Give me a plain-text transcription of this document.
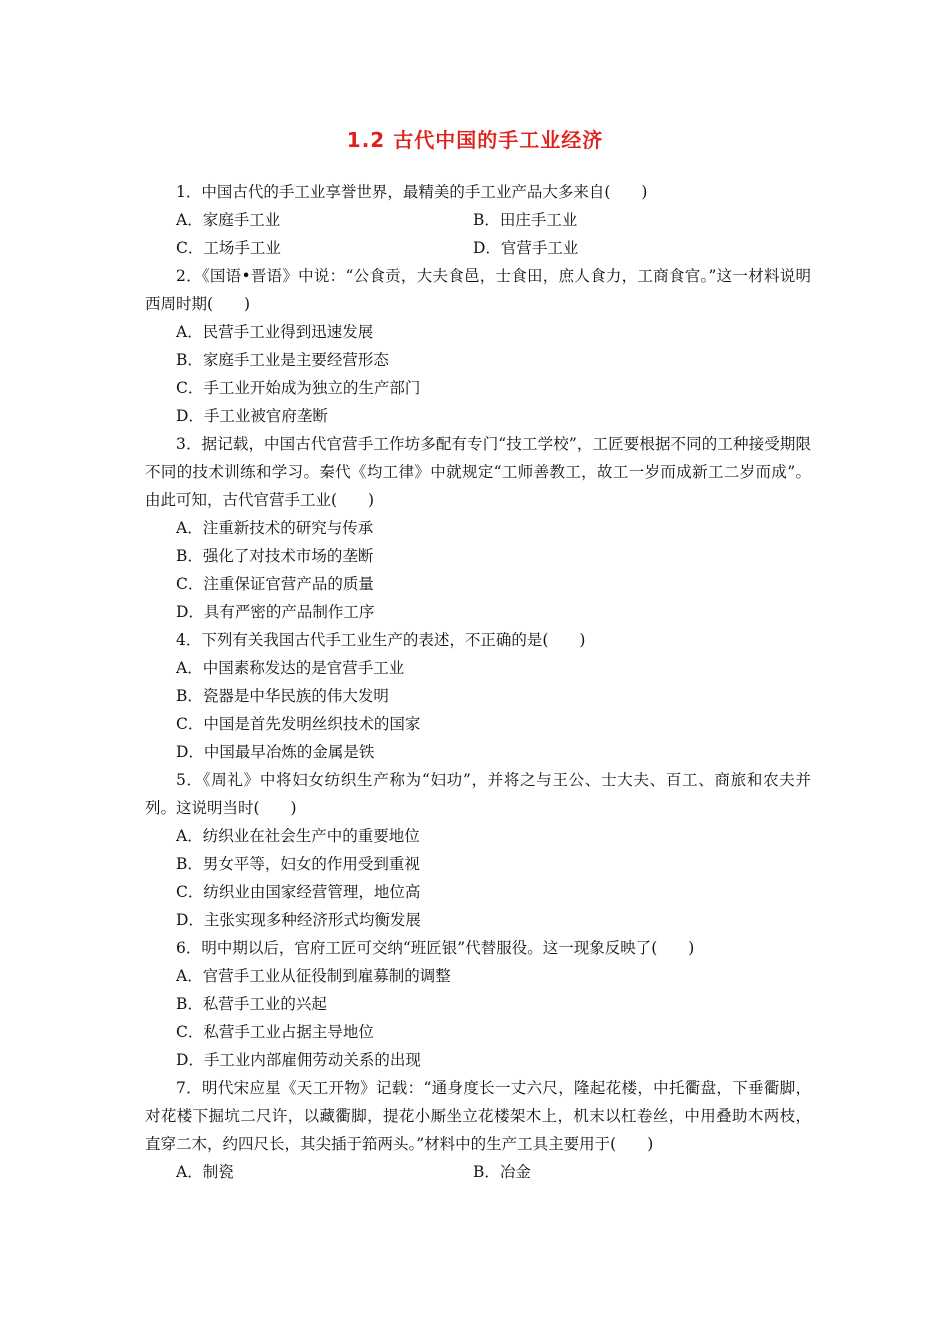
1.2 古代中国的手工业经济

1．中国古代的手工业享誉世界，最精美的手工业产品大多来自(　　)

A．家庭手工业	B．田庄手工业
C．工场手工业	D．官营手工业

2．《国语•晋语》中说：“公食贡，大夫食邑，士食田，庶人食力，工商食官。”这一材料说明西周时期(　　)

A．民营手工业得到迅速发展

B．家庭手工业是主要经营形态

C．手工业开始成为独立的生产部门

D．手工业被官府垄断

3．据记载，中国古代官营手工作坊多配有专门“技工学校”，工匠要根据不同的工种接受期限不同的技术训练和学习。秦代《均工律》中就规定“工师善教工，故工一岁而成新工二岁而成”。由此可知，古代官营手工业(　　)

A．注重新技术的研究与传承

B．强化了对技术市场的垄断

C．注重保证官营产品的质量

D．具有严密的产品制作工序

4．下列有关我国古代手工业生产的表述，不正确的是(　　)

A．中国素称发达的是官营手工业

B．瓷器是中华民族的伟大发明

C．中国是首先发明丝织技术的国家

D．中国最早冶炼的金属是铁

5．《周礼》中将妇女纺织生产称为“妇功”，并将之与王公、士大夫、百工、商旅和农夫并列。这说明当时(　　)

A．纺织业在社会生产中的重要地位

B．男女平等，妇女的作用受到重视

C．纺织业由国家经营管理，地位高

D．主张实现多种经济形式均衡发展

6．明中期以后，官府工匠可交纳“班匠银”代替服役。这一现象反映了(　　)

A．官营手工业从征役制到雇募制的调整

B．私营手工业的兴起

C．私营手工业占据主导地位

D．手工业内部雇佣劳动关系的出现

7．明代宋应星《天工开物》记载：“通身度长一丈六尺，隆起花楼，中托衢盘，下垂衢脚，对花楼下掘坑二尺许，以藏衢脚，提花小厮坐立花楼架木上，机末以杠卷丝，中用叠助木两枝，直穿二木，约四尺长，其尖插于筘两头。”材料中的生产工具主要用于(　　)

A．制瓷	B．冶金
